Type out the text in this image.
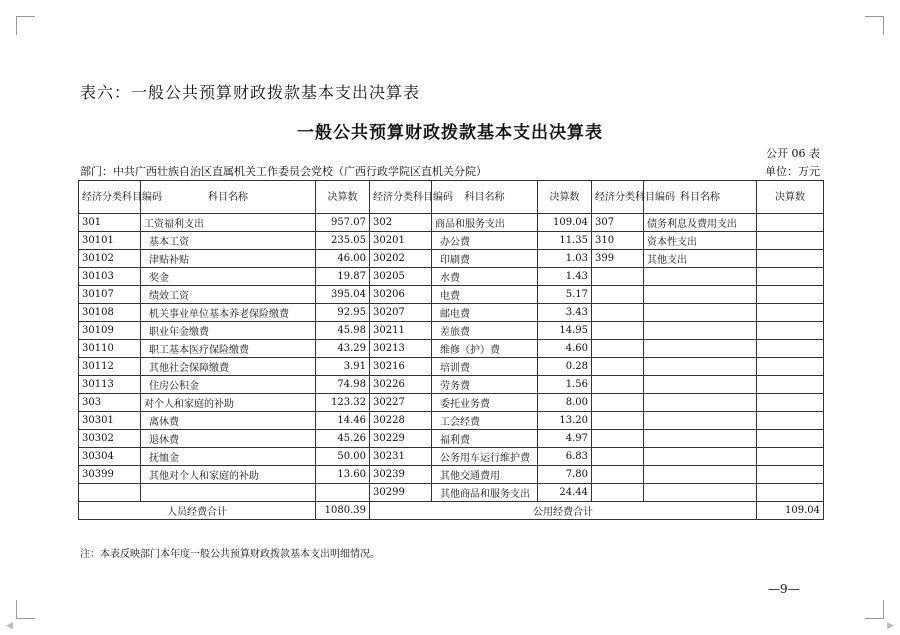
◀	▶
表六：一般公共预算财政拨款基本支出决算表
一般公共预算财政拨款基本支出决算表
公开 06 表
部门：中共广西壮族自治区直属机关工作委员会党校（广西行政学院区直机关分院）	单位：万元
经济分类科目编码	科目名称	决算数	经济分类科目编码	科目名称	决算数	经济分类科目编码	科目名称	决算数
301	工资福利支出	957.07	302	商品和服务支出	109.04	307	债务利息及费用支出	
30101	基本工资	235.05	30201	办公费	11.35	310	资本性支出	
30102	津贴补贴	46.00	30202	印刷费	1.03	399	其他支出	
30103	奖金	19.87	30205	水费	1.43			
30107	绩效工资	395.04	30206	电费	5.17			
30108	机关事业单位基本养老保险缴费	92.95	30207	邮电费	3.43			
30109	职业年金缴费	45.98	30211	差旅费	14.95			
30110	职工基本医疗保险缴费	43.29	30213	维修（护）费	4.60			
30112	其他社会保障缴费	3.91	30216	培训费	0.28			
30113	住房公积金	74.98	30226	劳务费	1.56			
303	对个人和家庭的补助	123.32	30227	委托业务费	8.00			
30301	离休费	14.46	30228	工会经费	13.20			
30302	退休费	45.26	30229	福利费	4.97			
30304	抚恤金	50.00	30231	公务用车运行维护费	6.83			
30399	其他对个人和家庭的补助	13.60	30239	其他交通费用	7.80			
			30299	其他商品和服务支出	24.44			
人员经费合计		1080.39	公用经费合计					109.04
注：本表反映部门本年度一般公共预算财政拨款基本支出明细情况。
—9—
